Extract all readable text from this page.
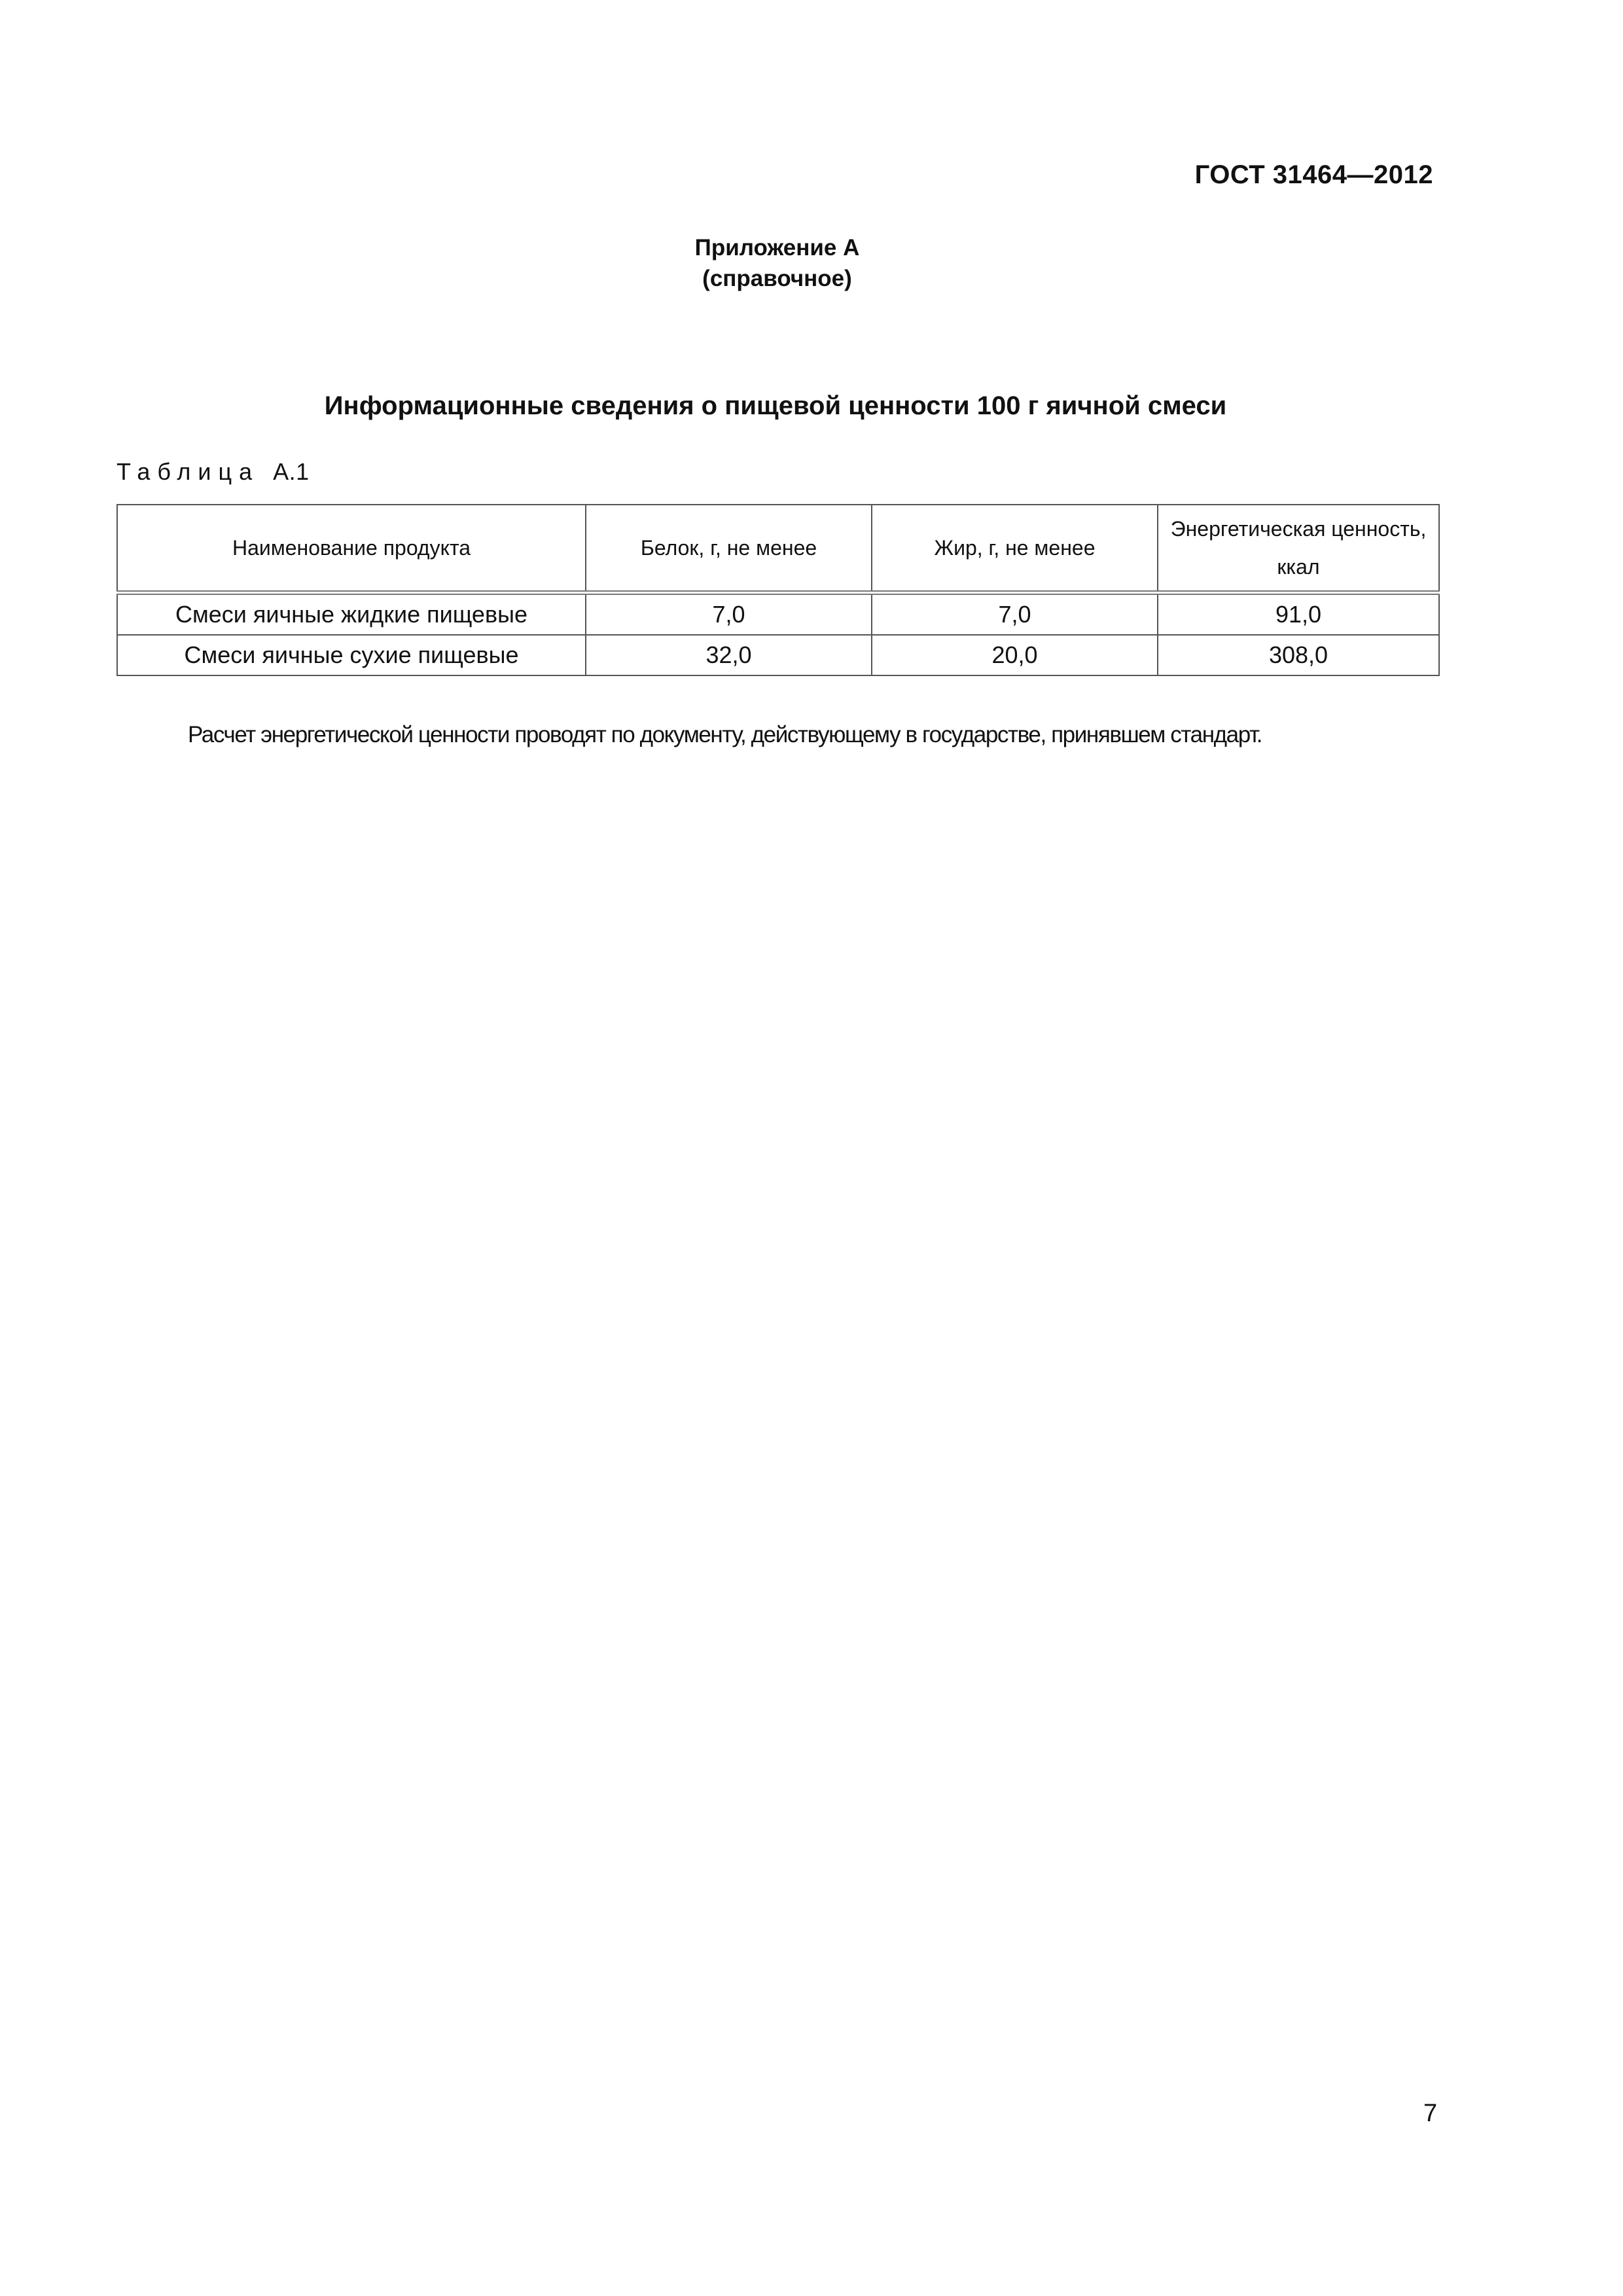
ГОСТ 31464—2012
Приложение А
(справочное)
Информационные сведения о пищевой ценности 100 г яичной смеси
Таблица А.1
Наименование продукта	Белок, г, не менее	Жир, г, не менее	Энергетическая ценность, ккал
Смеси яичные жидкие пищевые	7,0	7,0	91,0
Смеси яичные сухие пищевые	32,0	20,0	308,0
Расчет энергетической ценности проводят по документу, действующему в государстве, принявшем стандарт.
7
